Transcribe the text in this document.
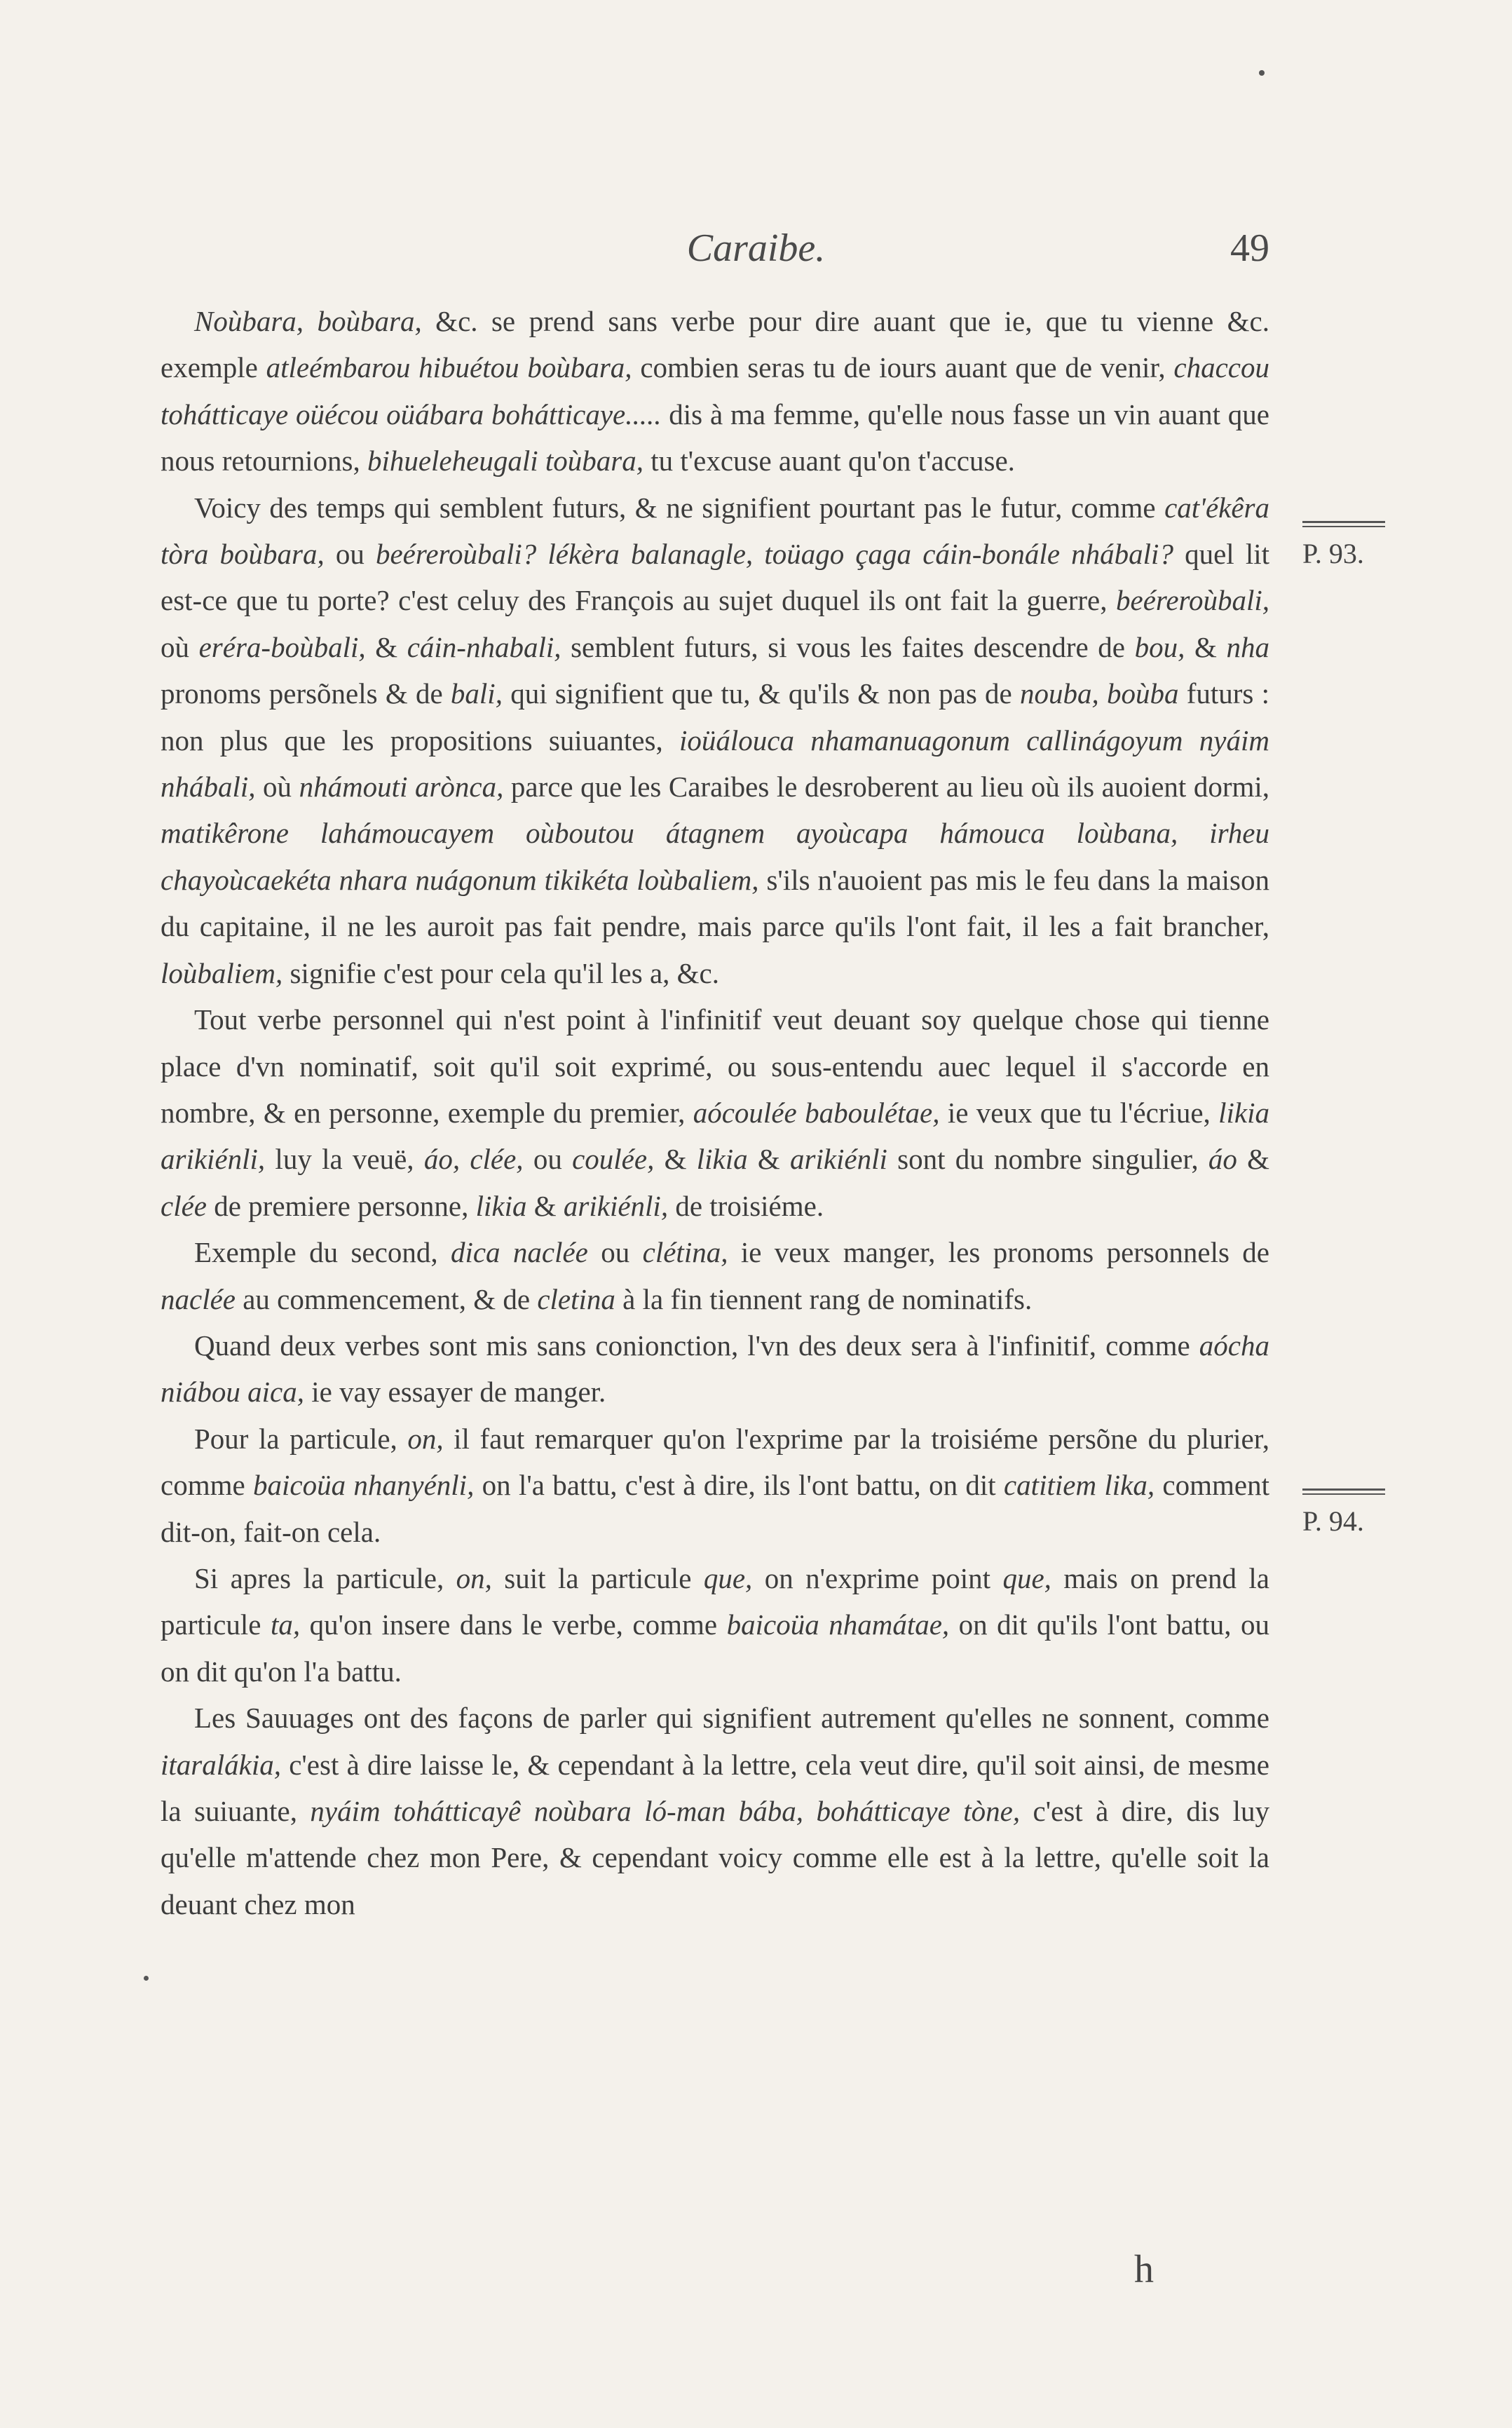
Caraibe.	49

Noùbara, boùbara, &c. se prend sans verbe pour dire auant que ie, que tu vienne &c. exemple atleémbarou hibuétou boùbara, combien seras tu de iours auant que de venir, chaccou tohátticaye oüécou oüábara bohátticaye..... dis à ma femme, qu'elle nous fasse un vin auant que nous retournions, bihueleheugali toùbara, tu t'excuse auant qu'on t'accuse.

Voicy des temps qui semblent futurs, & ne signifient pourtant pas le futur, comme cat'ékêra tòra boùbara, ou beéreroùbali? lékèra balanagle, toüago çaga cáin-bonále nhábali? quel lit est-ce que tu porte? c'est celuy des François au sujet duquel ils ont fait la guerre, beéreroùbali, où eréra-boùbali, & cáin-nhabali, semblent futurs, si vous les faites descendre de bou, & nha pronoms persõnels & de bali, qui signifient que tu, & qu'ils & non pas de nouba, boùba futurs : non plus que les propositions suiuantes, ioüálouca nhamanuagonum callinágoyum nyáim nhábali, où nhámouti arònca, parce que les Caraibes le desroberent au lieu où ils auoient dormi, matikêrone lahámoucayem oùboutou átagnem ayoùcapa hámouca loùbana, irheu chayoùcaekéta nhara nuágonum tikikéta loùbaliem, s'ils n'auoient pas mis le feu dans la maison du capitaine, il ne les auroit pas fait pendre, mais parce qu'ils l'ont fait, il les a fait brancher, loùbaliem, signifie c'est pour cela qu'il les a, &c.

Tout verbe personnel qui n'est point à l'infinitif veut deuant soy quelque chose qui tienne place d'vn nominatif, soit qu'il soit exprimé, ou sous-entendu auec lequel il s'accorde en nombre, & en personne, exemple du premier, aócoulée baboulétae, ie veux que tu l'écriue, likia arikiénli, luy la veuë, áo, clée, ou coulée, & likia & arikiénli sont du nombre singulier, áo & clée de premiere personne, likia & arikiénli, de troisiéme.

Exemple du second, dica naclée ou clétina, ie veux manger, les pronoms personnels de naclée au commencement, & de cletina à la fin tiennent rang de nominatifs.

Quand deux verbes sont mis sans conionction, l'vn des deux sera à l'infinitif, comme aócha niábou aica, ie vay essayer de manger.

Pour la particule, on, il faut remarquer qu'on l'exprime par la troisiéme persõne du plurier, comme baicoüa nhanyénli, on l'a battu, c'est à dire, ils l'ont battu, on dit catitiem lika, comment dit-on, fait-on cela.

Si apres la particule, on, suit la particule que, on n'exprime point que, mais on prend la particule ta, qu'on insere dans le verbe, comme baicoüa nhamátae, on dit qu'ils l'ont battu, ou on dit qu'on l'a battu.

Les Sauuages ont des façons de parler qui signifient autrement qu'elles ne sonnent, comme itaralákia, c'est à dire laisse le, & cependant à la lettre, cela veut dire, qu'il soit ainsi, de mesme la suiuante, nyáim tohátticayê noùbara ló-man bába, bohátticaye tòne, c'est à dire, dis luy qu'elle m'attende chez mon Pere, & cependant voicy comme elle est à la lettre, qu'elle soit la deuant chez mon

P. 93.
P. 94.
h
